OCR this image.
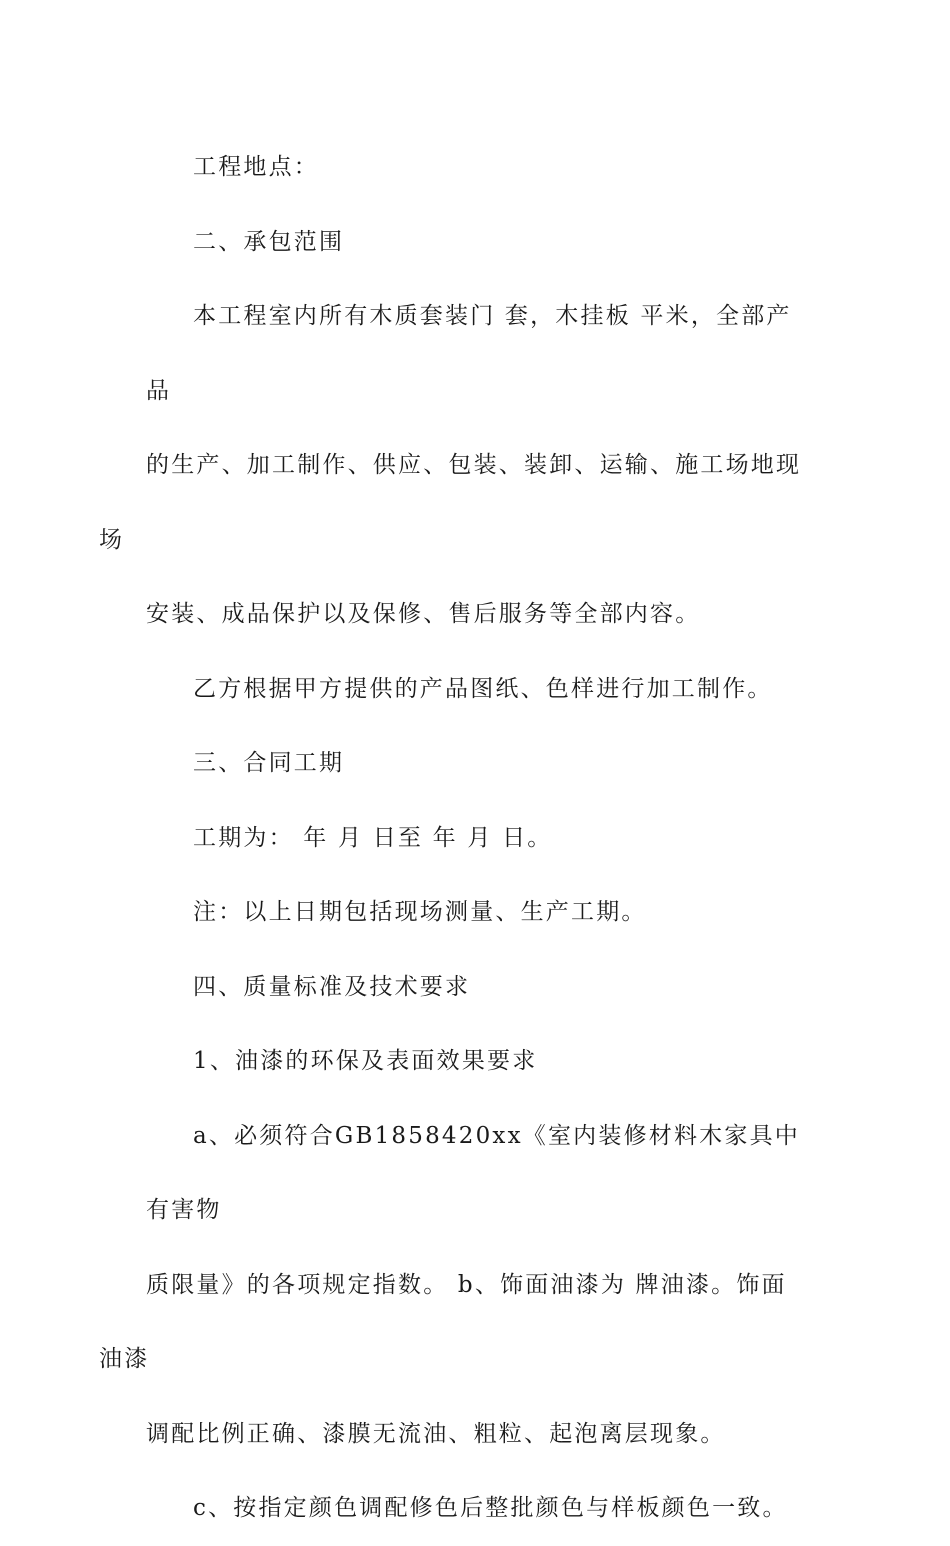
工程地点：

二、承包范围

本工程室内所有木质套装门 套，木挂板 平米，全部产品
的生产、加工制作、供应、包装、装卸、运输、施工场地现场
安装、成品保护以及保修、售后服务等全部内容。

乙方根据甲方提供的产品图纸、色样进行加工制作。

三、合同工期

工期为： 年 月 日至 年 月 日。

注：以上日期包括现场测量、生产工期。

四、质量标准及技术要求

1、油漆的环保及表面效果要求

a、必须符合GB1858420xx《室内装修材料木家具中有害物
质限量》的各项规定指数。 b、饰面油漆为 牌油漆。饰面油漆
调配比例正确、漆膜无流油、粗粒、起泡离层现象。

c、按指定颜色调配修色后整批颜色与样板颜色一致。
